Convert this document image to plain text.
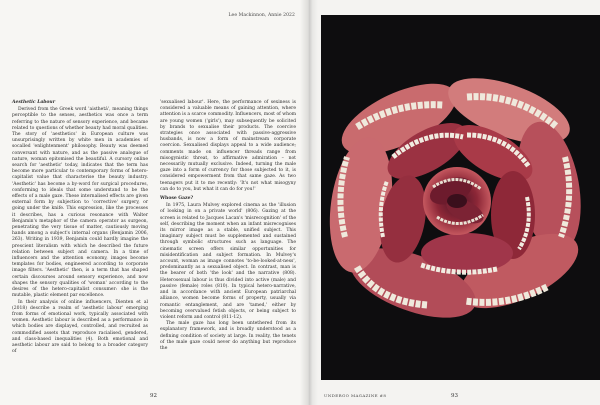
Aesthetic Labour

Derived from the Greek word 'aisthetá', meaning things perceptible to the senses, aesthetics was once a term referring to the nature of sensory experience, and became related to questions of whether beauty had moral qualities. The story of 'aesthetics' in European culture was unsurprisingly written by white men in academies of socalled 'enlightenment' philosophy. Beauty was deemed conversant with nature, and as the passive analogue of nature, woman epitomised the beautiful. A cursory online search for 'aesthetic' today, indicates that the term has become more particular to contemporary forms of hetero-capitalist value that characterise the beauty industry. 'Aesthetic' has become a by-word for surgical procedures, conforming to ideals that some understand to be the effects of a male gaze. These internalised effects are given external form by subjection to 'corrective' surgery, or going under the knife. This expression, like the processes it describes, has a curious resonance with Walter Benjamin's metaphor of the camera operator as surgeon, penetrating the very tissue of matter, cautiously moving hands among a subject's internal organs (Benjamin 2006, 263). Writing in 1939, Benjamin could hardly imagine the prescient literalism with which he described the future relation between subject and camera. In a time of influencers and the attention economy, images become templates for bodies, engineered according to corporate image filters. 'Aesthetic' then, is a term that has shaped certain discourses around sensory experience, and now shapes the sensory qualities of 'woman' according to the desires of the hetero-capitalist consumer: she is the mutable, plastic element par excellence.

In their analysis of online influencers, Dienten et al (2018) describe a realm of 'aesthetic labour' emerging from forms of emotional work, typically associated with women. Aesthetic labour is described as a performance in which bodies are displayed, controlled, and recruited as commodified assets that reproduce racialised, gendered, and class-based inequalities (4). Both emotional and aesthetic labour are said to belong to a broader category of

'sexualised labour'. Here, the performance of sexiness is considered a valuable means of gaining attention, where attention is a scarce commodity. Influencers, most of whom are young women ('girls'), may subsequently be solicited by brands to sexualise their products. The coercive strategies once associated with passive-aggressive husbands, is now a form of mainstream corporate coercion. Sexualised displays appeal to a wide audience; comments made on influencer threads range from misogynistic threat, to affirmative admiration – not necessarily mutually exclusive. Indeed, turning the male gaze into a form of currency for those subjected to it, is considered empowerment from that same gaze. As two teenagers put it to me recently: 'It's not what misogyny can do to you, but what it can do for you!'

Whose Gaze?

In 1975, Laura Mulvey explored cinema as the 'illusion of looking in on a private world' (806). Gazing at the screen is related to Jacques Lacan's 'misrecognition' of the self, describing the moment when an infant misrecognises its mirror image as a stable, unified subject. This imaginary subject must be supplemented and sustained through symbolic structures such as language. The cinematic screen offers similar opportunities for misidentification and subject formation. In Mulvey's account, woman as image connotes 'to-be-looked-at-ness', predominantly as a sexualised object. In contrast, man is the bearer of both 'the look' and the narrative (808). Heterosexual labour is thus divided into active (male) and passive (female) roles (810). In typical hetero-narrative, and in accordance with ancient European patriarchal alliance, women become forms of property, usually via romantic entanglement, and are 'tamed,' either by becoming overvalued fetish objects, or being subject to violent reform and control (811-12).

The male gaze has long been untethered from its explanatory framework, and is broadly understood as a defining condition of society at large. In reality, the tenets of the male gaze could never do anything but reproduce the

Lee Mackinnon, Annie 2022
92	UNDERGO MAGAZINE #8	93
